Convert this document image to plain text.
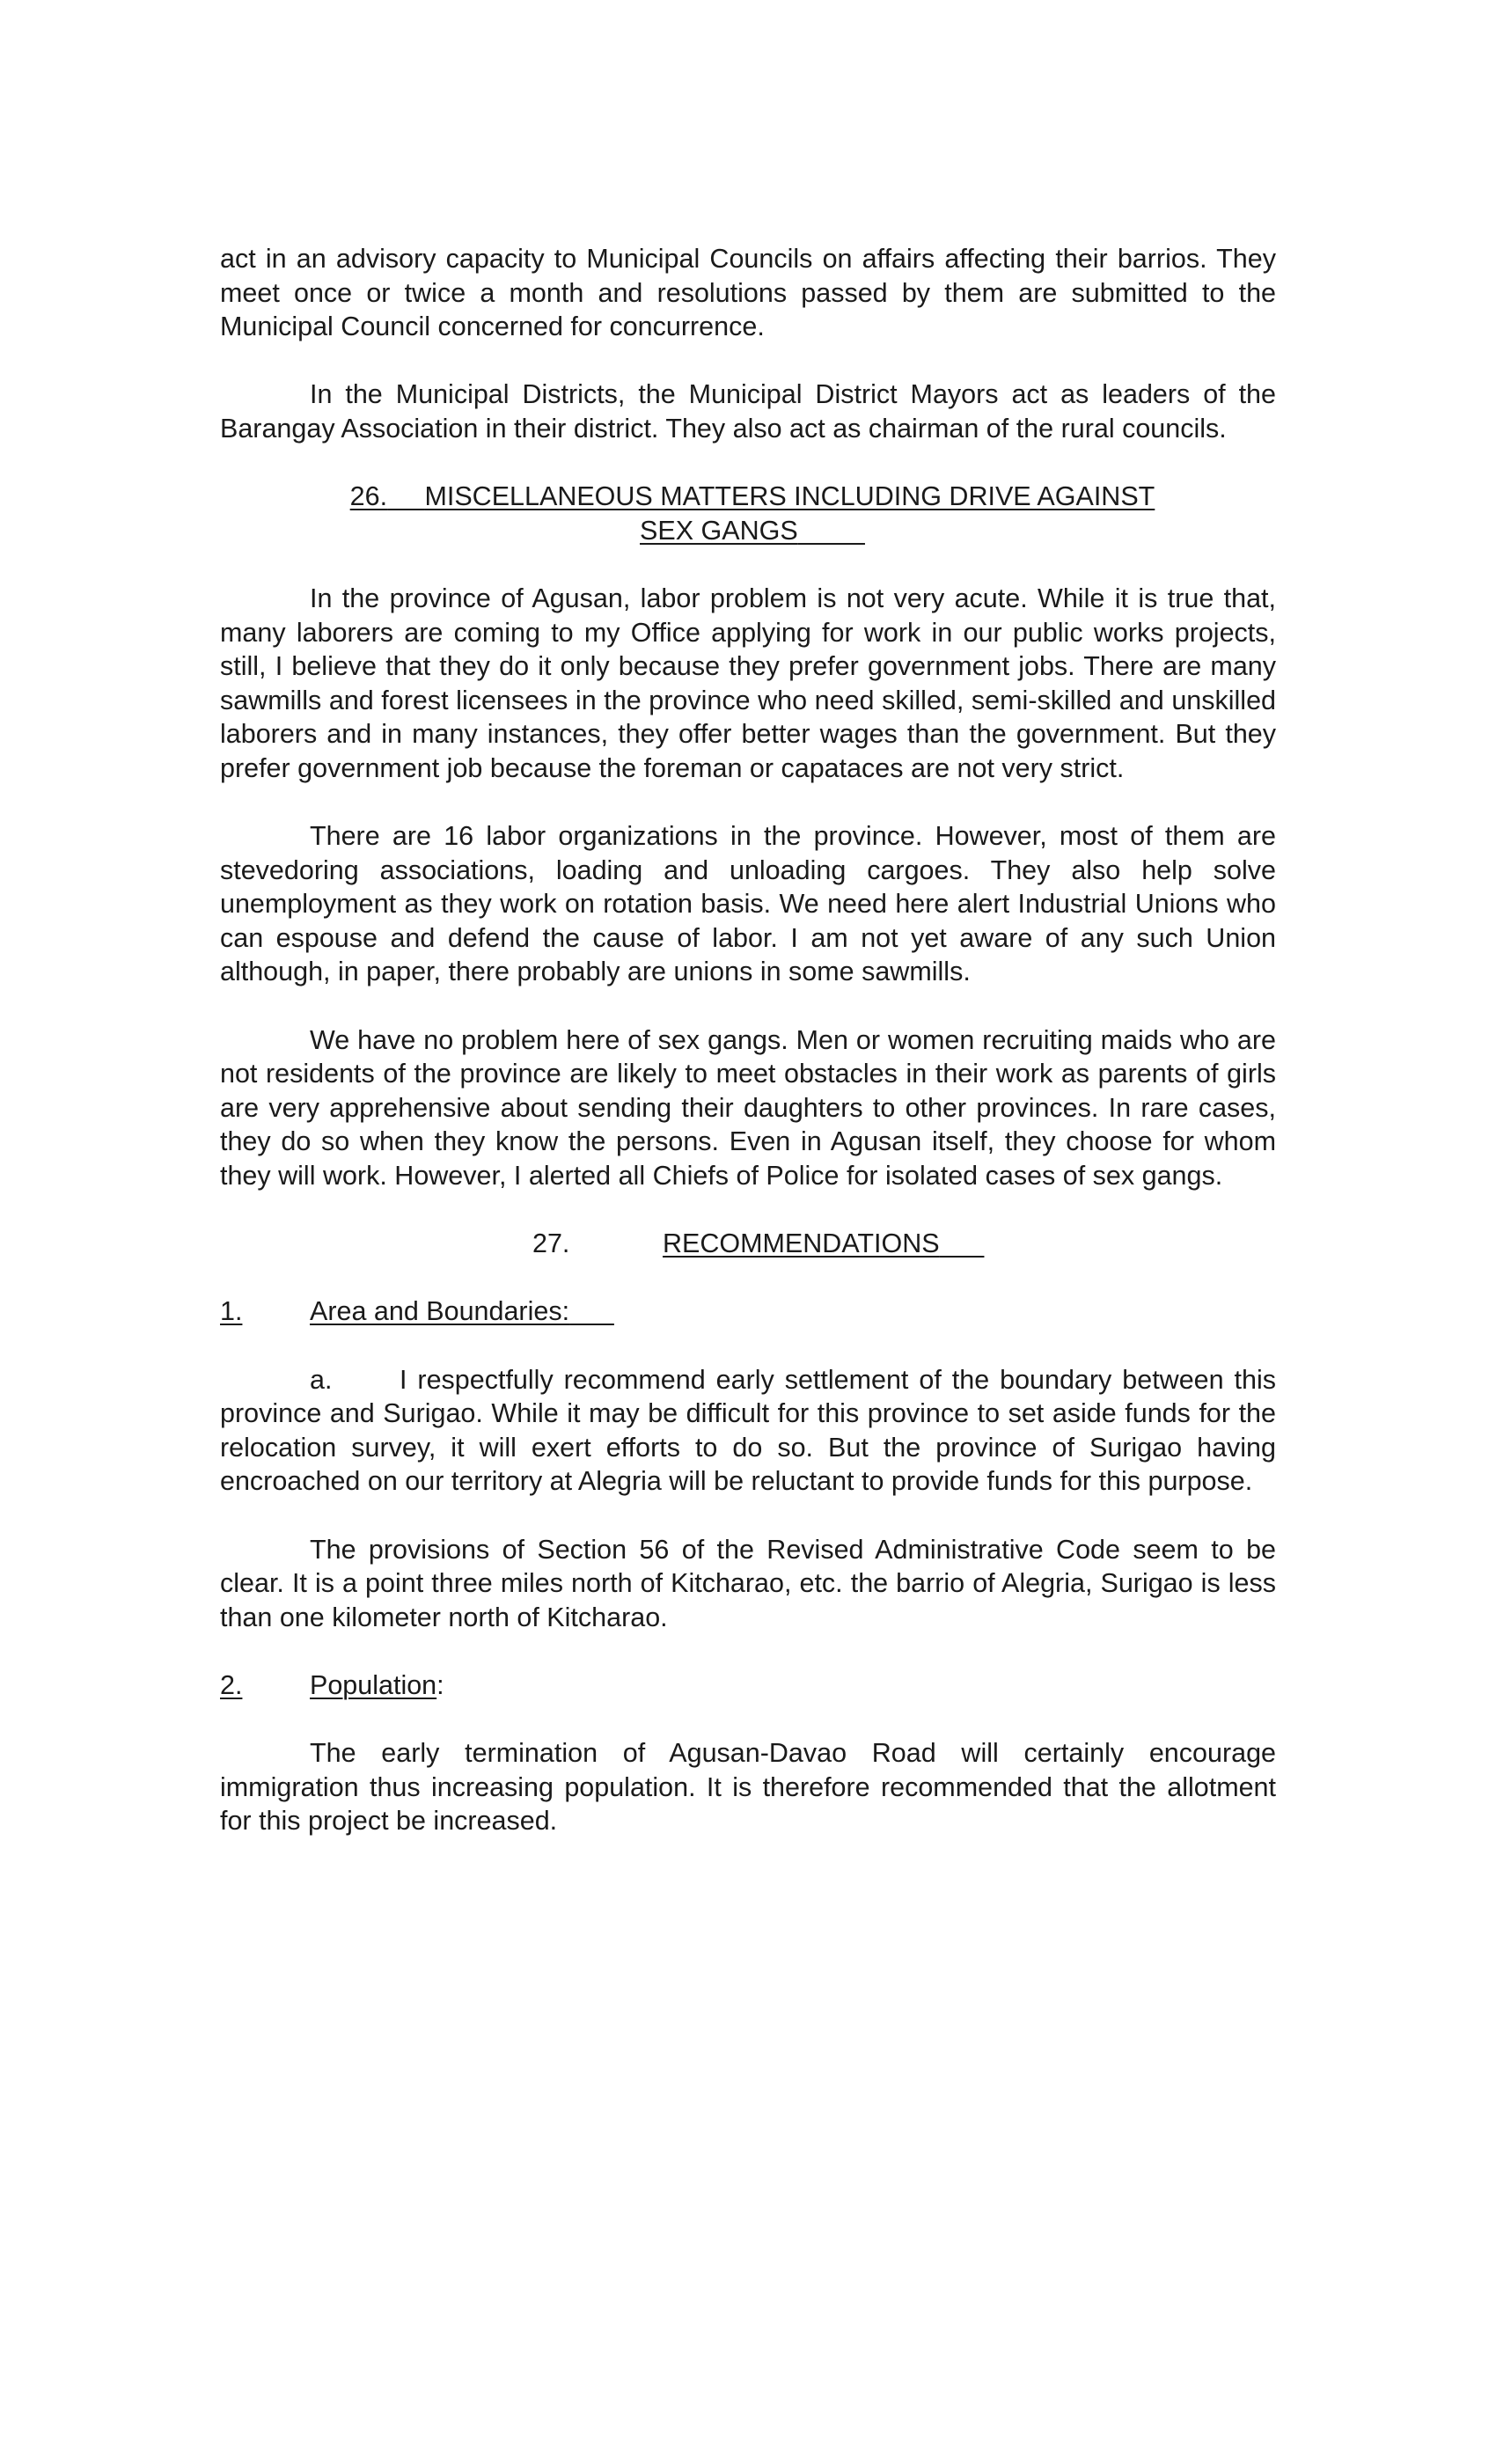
act in an advisory capacity to Municipal Councils on affairs affecting their barrios. They meet once or twice a month and resolutions passed by them are submitted to the Municipal Council concerned for concurrence.

In the Municipal Districts, the Municipal District Mayors act as leaders of the Barangay Association in their district. They also act as chairman of the rural councils.

26. MISCELLANEOUS MATTERS INCLUDING DRIVE AGAINST
SEX GANGS

In the province of Agusan, labor problem is not very acute. While it is true that, many laborers are coming to my Office applying for work in our public works projects, still, I believe that they do it only because they prefer government jobs. There are many sawmills and forest licensees in the province who need skilled, semi-skilled and unskilled laborers and in many instances, they offer better wages than the government. But they prefer government job because the foreman or capataces are not very strict.

There are 16 labor organizations in the province. However, most of them are stevedoring associations, loading and unloading cargoes. They also help solve unemployment as they work on rotation basis. We need here alert Industrial Unions who can espouse and defend the cause of labor. I am not yet aware of any such Union although, in paper, there probably are unions in some sawmills.

We have no problem here of sex gangs. Men or women recruiting maids who are not residents of the province are likely to meet obstacles in their work as parents of girls are very apprehensive about sending their daughters to other provinces. In rare cases, they do so when they know the persons. Even in Agusan itself, they choose for whom they will work. However, I alerted all Chiefs of Police for isolated cases of sex gangs.

27.	RECOMMENDATIONS
1.	Area and Boundaries:

a.	I respectfully recommend early settlement of the boundary between this province and Surigao. While it may be difficult for this province to set aside funds for the relocation survey, it will exert efforts to do so. But the province of Surigao having encroached on our territory at Alegria will be reluctant to provide funds for this purpose.

The provisions of Section 56 of the Revised Administrative Code seem to be clear. It is a point three miles north of Kitcharao, etc. the barrio of Alegria, Surigao is less than one kilometer north of Kitcharao.

2.	Population:

The early termination of Agusan-Davao Road will certainly encourage immigration thus increasing population. It is therefore recommended that the allotment for this project be increased.
